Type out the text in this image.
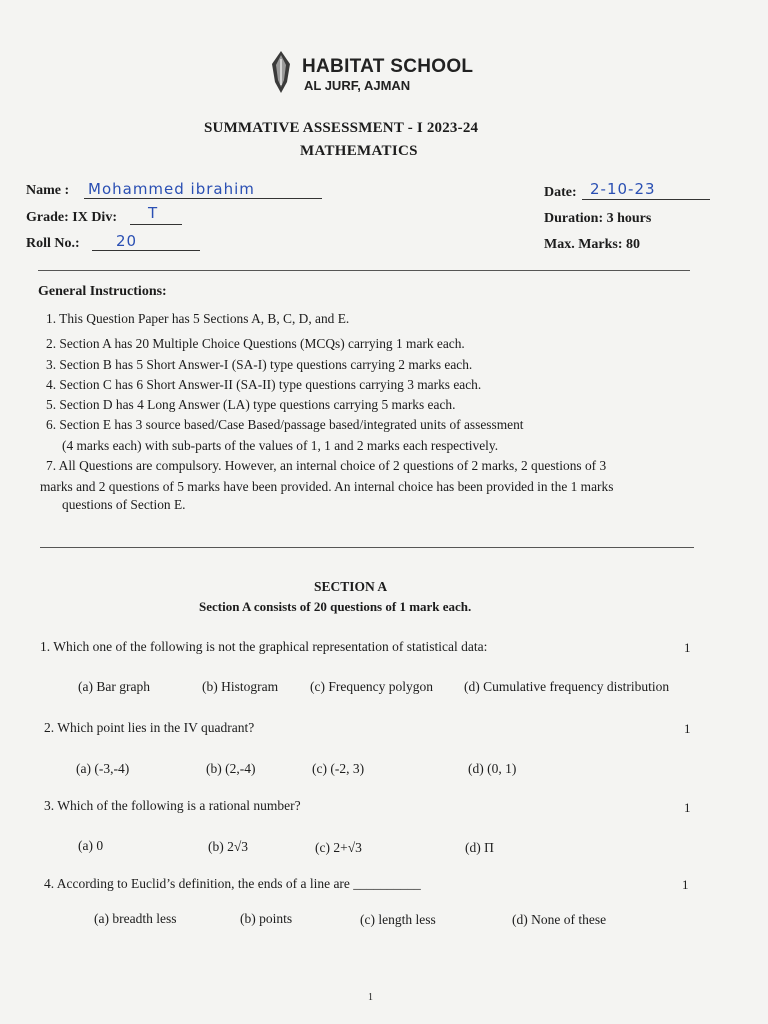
HABITAT SCHOOL
AL JURF, AJMAN
SUMMATIVE ASSESSMENT - I 2023-24
MATHEMATICS
Name : Mohammed ibrahim
Grade: IX Div: T
Roll No.: 20
Date: 2-10-23
Duration: 3 hours
Max. Marks: 80
General Instructions:
1. This Question Paper has 5 Sections A, B, C, D, and E.
2. Section A has 20 Multiple Choice Questions (MCQs) carrying 1 mark each.
3. Section B has 5 Short Answer-I (SA-I) type questions carrying 2 marks each.
4. Section C has 6 Short Answer-II (SA-II) type questions carrying 3 marks each.
5. Section D has 4 Long Answer (LA) type questions carrying 5 marks each.
6. Section E has 3 source based/Case Based/passage based/integrated units of assessment
(4 marks each) with sub-parts of the values of 1, 1 and 2 marks each respectively.
7. All Questions are compulsory. However, an internal choice of 2 questions of 2 marks, 2 questions of 3
marks and 2 questions of 5 marks have been provided. An internal choice has been provided in the 1 marks
questions of Section E.
SECTION A
Section A consists of 20 questions of 1 mark each.
1. Which one of the following is not the graphical representation of statistical data:	1
(a) Bar graph	(b) Histogram (c) Frequency polygon (d) Cumulative frequency distribution
2. Which point lies in the IV quadrant?	1
(a) (-3,-4)	(b) (2,-4)	(c) (-2, 3)	(d) (0, 1)
3. Which of the following is a rational number?	1
(a) 0	(b) 2√3	(c) 2+√3	(d) Π
4. According to Euclid’s definition, the ends of a line are __________	1
(a) breadth less	(b) points	(c) length less	(d) None of these
1
